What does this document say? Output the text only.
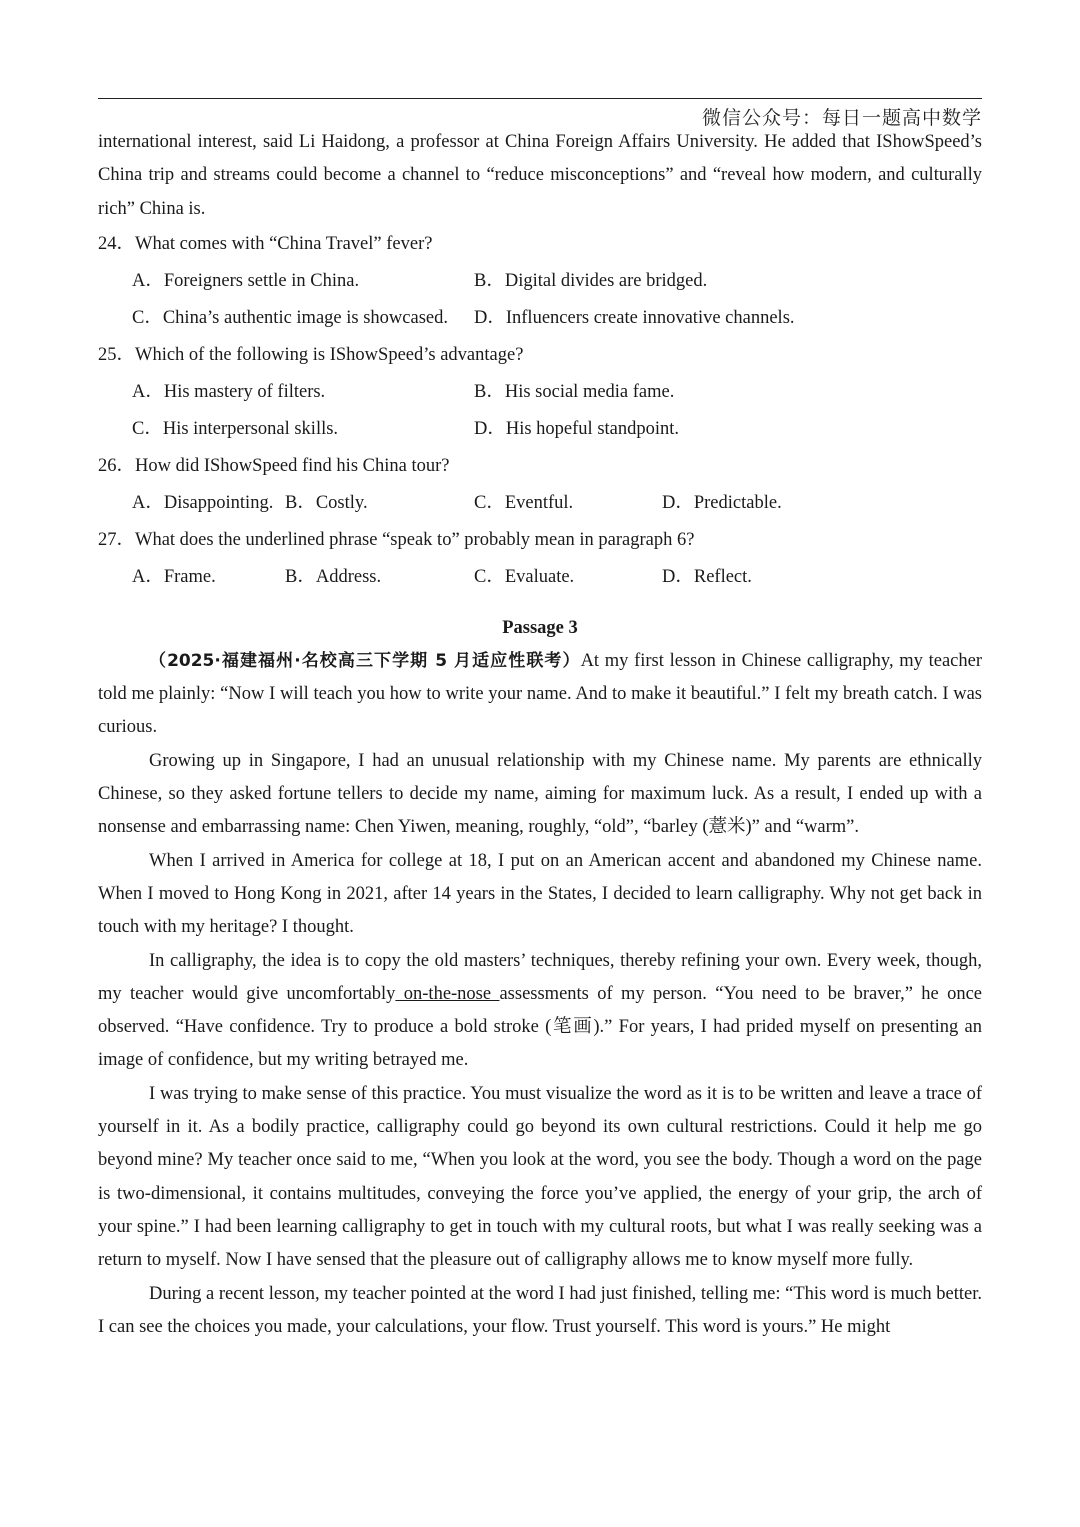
微信公众号：每日一题高中数学

international interest, said Li Haidong, a professor at China Foreign Affairs University. He added that IShowSpeed’s China trip and streams could become a channel to “reduce misconceptions” and “reveal how modern, and culturally rich” China is.

24．What comes with “China Travel” fever?
A．Foreigners settle in China.	B．Digital divides are bridged.
C．China’s authentic image is showcased. D．Influencers create innovative channels.
25．Which of the following is IShowSpeed’s advantage?
A．His mastery of filters.	B．His social media fame.
C．His interpersonal skills.	D．His hopeful standpoint.
26．How did IShowSpeed find his China tour?
A．Disappointing. B．Costly.	C．Eventful.	D．Predictable.
27．What does the underlined phrase “speak to” probably mean in paragraph 6?
A．Frame.	B．Address.	C．Evaluate.	D．Reflect.
Passage 3

（2025·福建福州·名校高三下学期 5 月适应性联考）At my first lesson in Chinese calligraphy, my teacher told me plainly: “Now I will teach you how to write your name. And to make it beautiful.” I felt my breath catch. I was curious.

Growing up in Singapore, I had an unusual relationship with my Chinese name. My parents are ethnically Chinese, so they asked fortune tellers to decide my name, aiming for maximum luck. As a result, I ended up with a nonsense and embarrassing name: Chen Yiwen, meaning, roughly, “old”, “barley (薏米)” and “warm”.

When I arrived in America for college at 18, I put on an American accent and abandoned my Chinese name. When I moved to Hong Kong in 2021, after 14 years in the States, I decided to learn calligraphy. Why not get back in touch with my heritage? I thought.

In calligraphy, the idea is to copy the old masters’ techniques, thereby refining your own. Every week, though, my teacher would give uncomfortably on-the-nose assessments of my person. “You need to be braver,” he once observed. “Have confidence. Try to produce a bold stroke (笔画).” For years, I had prided myself on presenting an image of confidence, but my writing betrayed me.

I was trying to make sense of this practice. You must visualize the word as it is to be written and leave a trace of yourself in it. As a bodily practice, calligraphy could go beyond its own cultural restrictions. Could it help me go beyond mine? My teacher once said to me, “When you look at the word, you see the body. Though a word on the page is two-dimensional, it contains multitudes, conveying the force you’ve applied, the energy of your grip, the arch of your spine.” I had been learning calligraphy to get in touch with my cultural roots, but what I was really seeking was a return to myself. Now I have sensed that the pleasure out of calligraphy allows me to know myself more fully.

During a recent lesson, my teacher pointed at the word I had just finished, telling me: “This word is much better. I can see the choices you made, your calculations, your flow. Trust yourself. This word is yours.” He might
